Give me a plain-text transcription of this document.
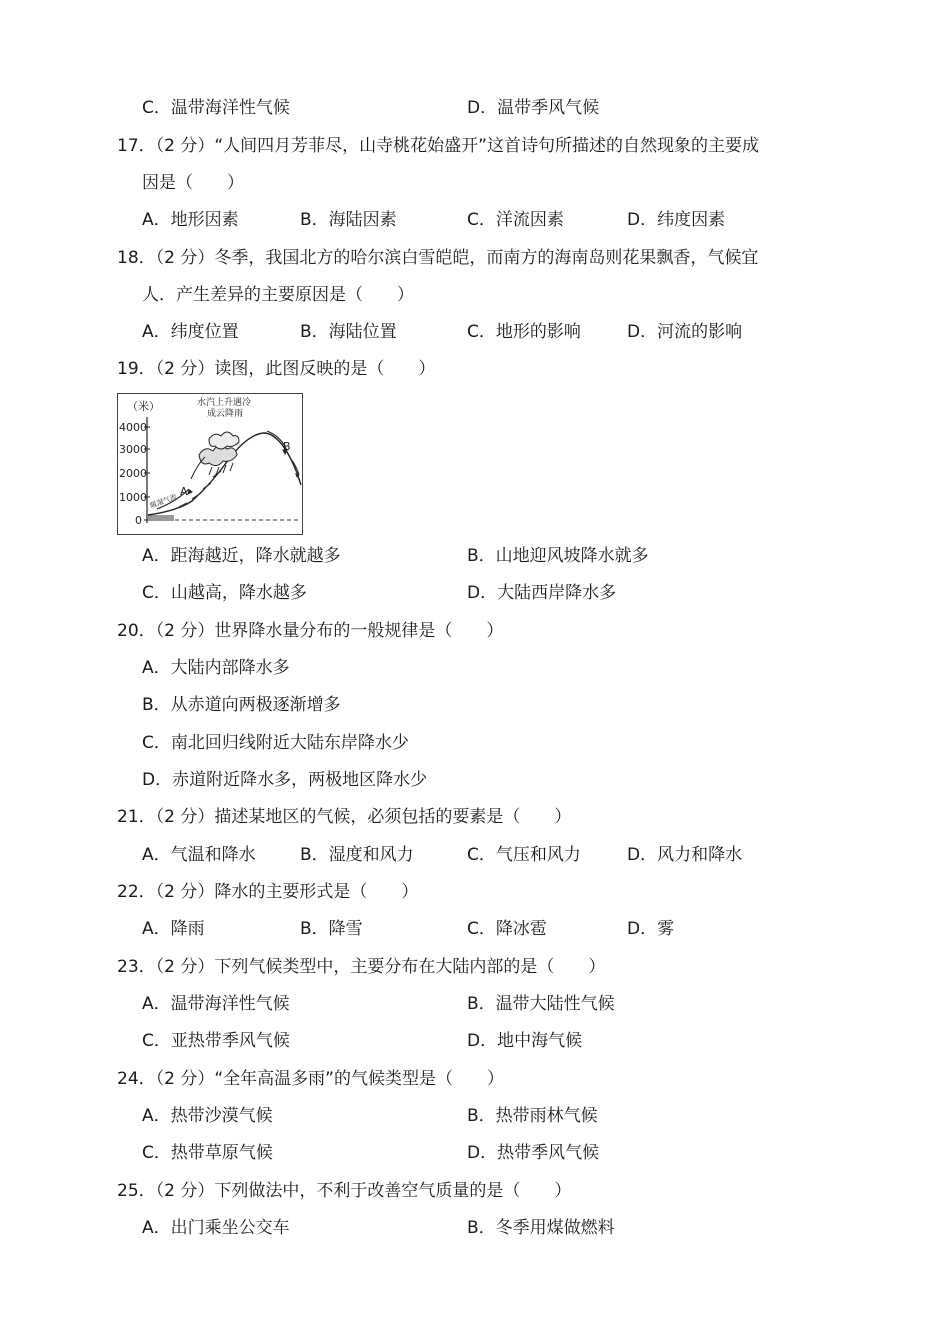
C．温带海洋性气候	D．温带季风气候
17．（2 分）“人间四月芳菲尽，山寺桃花始盛开”这首诗句所描述的自然现象的主要成
因是（　　）
A．地形因素	B．海陆因素	C．洋流因素	D．纬度因素
18．（2 分）冬季，我国北方的哈尔滨白雪皑皑，而南方的海南岛则花果飘香，气候宜
人．产生差异的主要原因是（　　）
A．纬度位置	B．海陆位置	C．地形的影响	D．河流的影响
19．（2 分）读图，此图反映的是（　　）
（米）
4000
3000
2000
1000
0
水汽上升遇冷
成云降雨
A
B
暖湿气流
A．距海越近，降水就越多	B．山地迎风坡降水就多
C．山越高，降水越多	D．大陆西岸降水多
20．（2 分）世界降水量分布的一般规律是（　　）
A．大陆内部降水多
B．从赤道向两极逐渐增多
C．南北回归线附近大陆东岸降水少
D．赤道附近降水多，两极地区降水少
21．（2 分）描述某地区的气候，必须包括的要素是（　　）
A．气温和降水	B．湿度和风力	C．气压和风力	D．风力和降水
22．（2 分）降水的主要形式是（　　）
A．降雨	B．降雪	C．降冰雹	D．雾
23．（2 分）下列气候类型中，主要分布在大陆内部的是（　　）
A．温带海洋性气候	B．温带大陆性气候
C．亚热带季风气候	D．地中海气候
24．（2 分）“全年高温多雨”的气候类型是（　　）
A．热带沙漠气候	B．热带雨林气候
C．热带草原气候	D．热带季风气候
25．（2 分）下列做法中，不利于改善空气质量的是（　　）
A．出门乘坐公交车	B．冬季用煤做燃料
